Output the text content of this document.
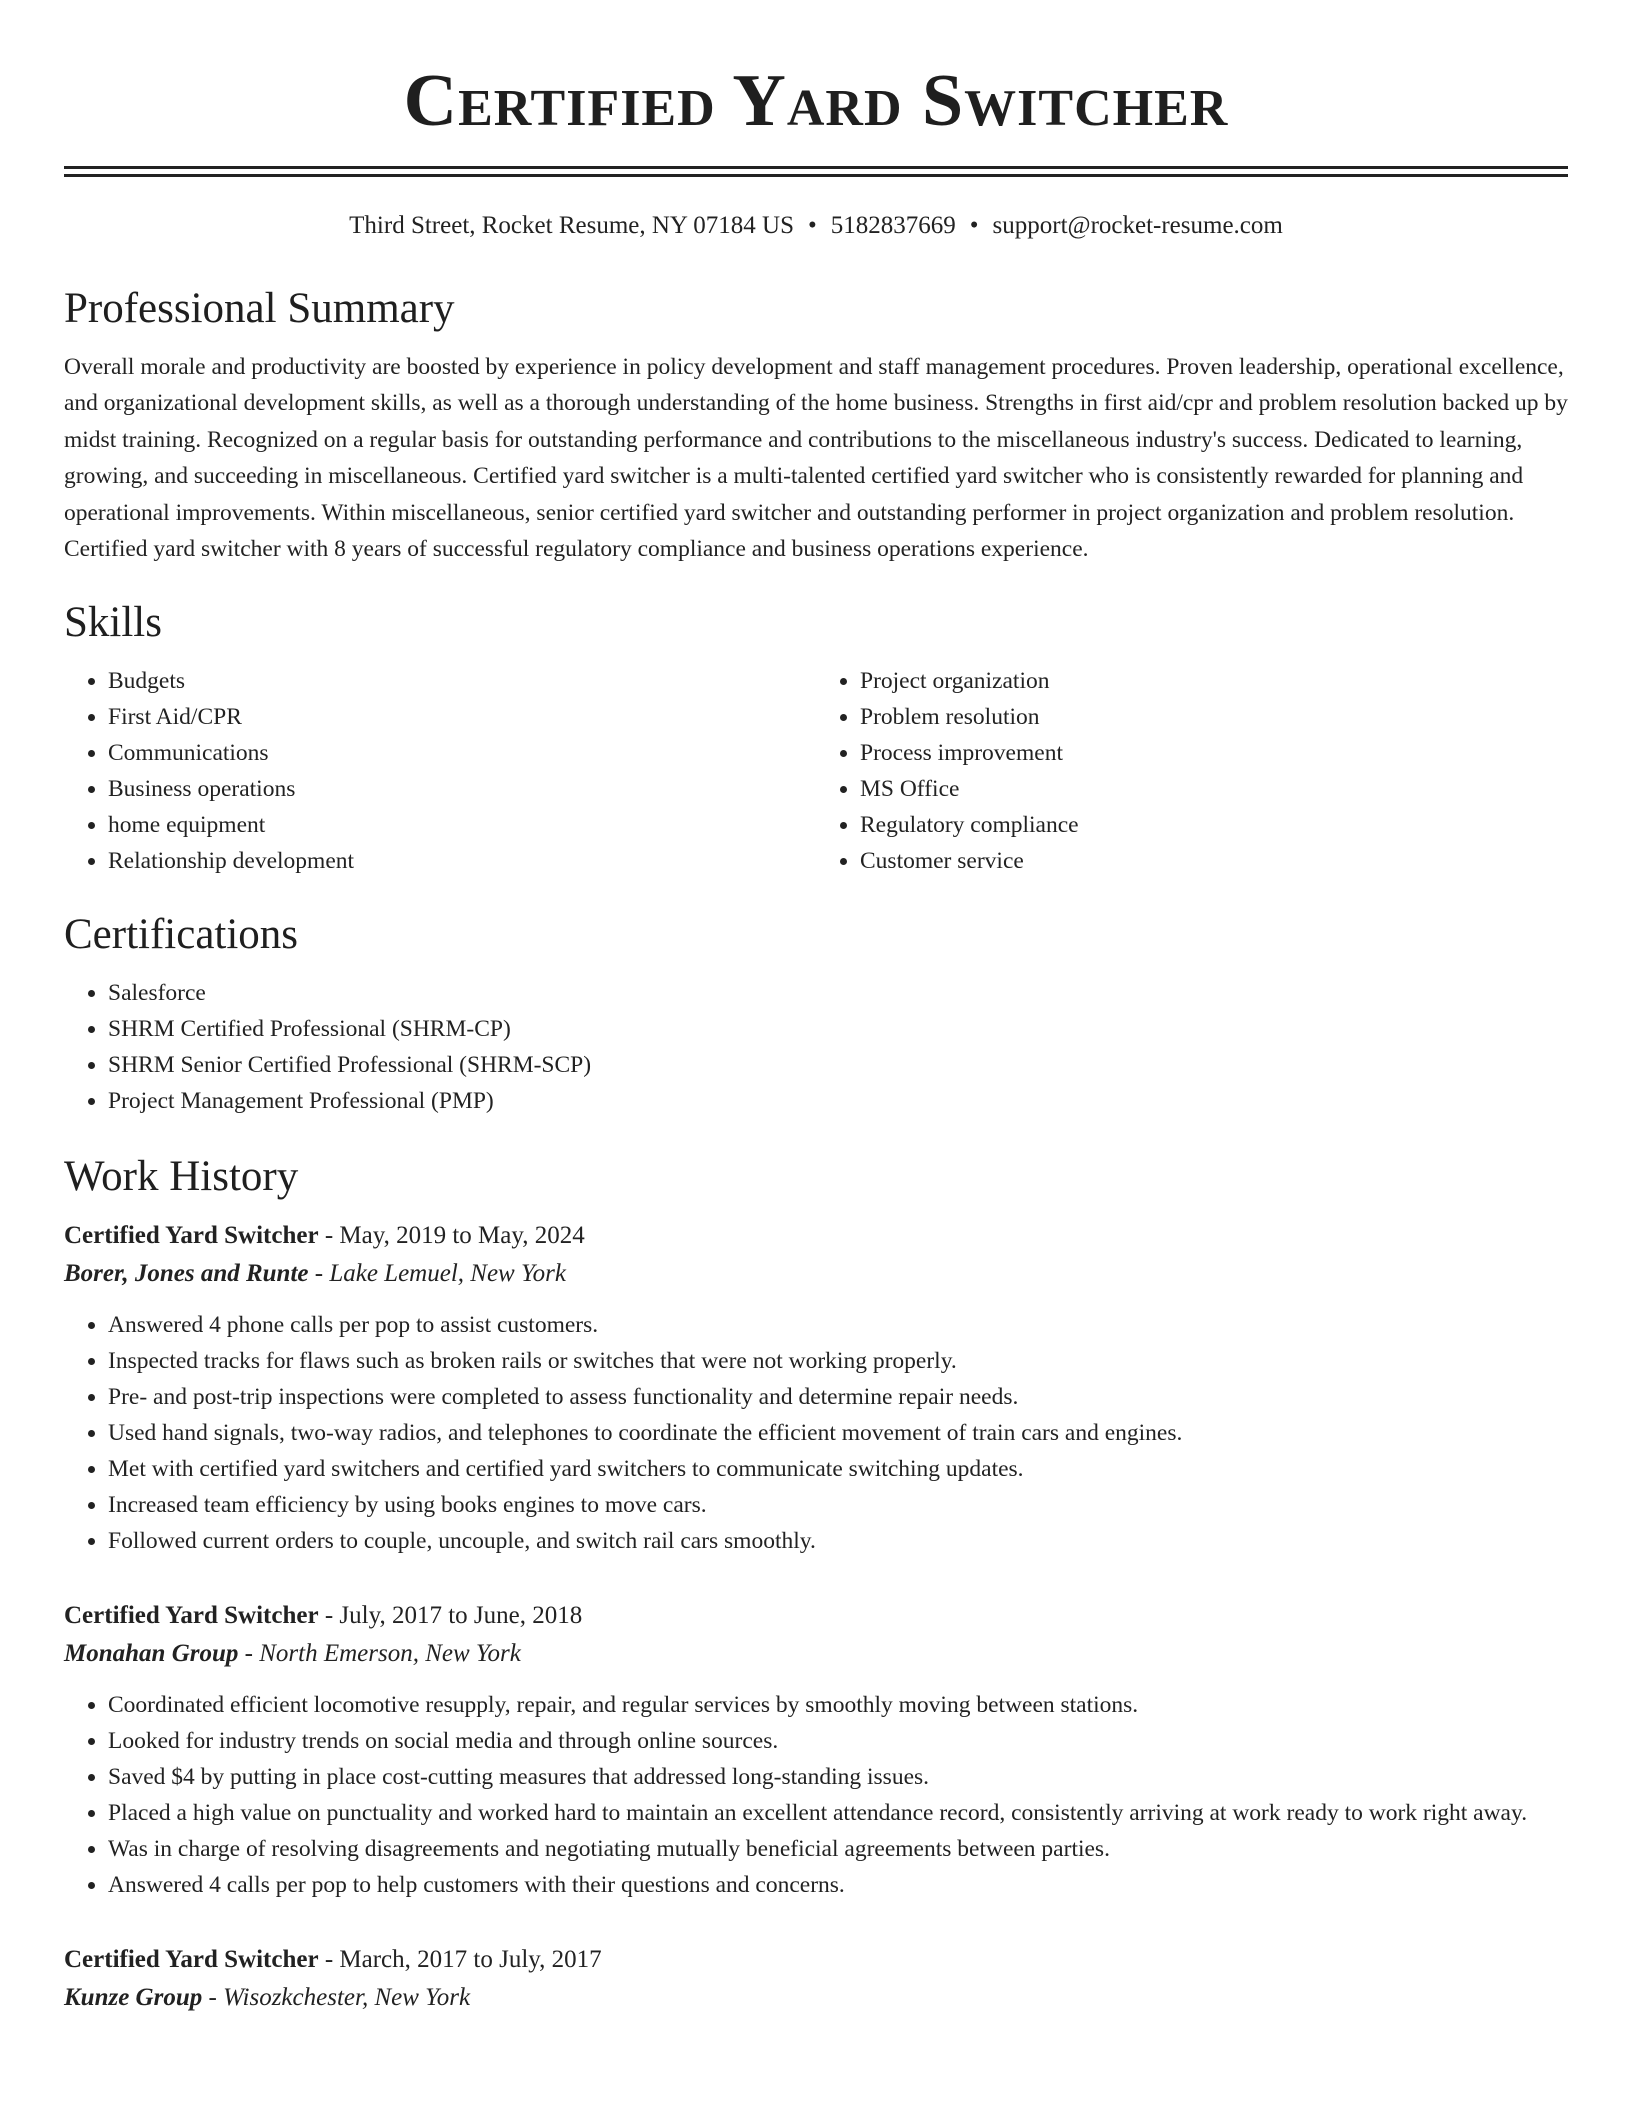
Certified Yard Switcher
Third Street, Rocket Resume, NY 07184 US • 5182837669 • support@rocket-resume.com
Professional Summary

Overall morale and productivity are boosted by experience in policy development and staff management procedures. Proven leadership, operational excellence, and organizational development skills, as well as a thorough understanding of the home business. Strengths in first aid/cpr and problem resolution backed up by midst training. Recognized on a regular basis for outstanding performance and contributions to the miscellaneous industry's success. Dedicated to learning, growing, and succeeding in miscellaneous. Certified yard switcher is a multi-talented certified yard switcher who is consistently rewarded for planning and operational improvements. Within miscellaneous, senior certified yard switcher and outstanding performer in project organization and problem resolution. Certified yard switcher with 8 years of successful regulatory compliance and business operations experience.

Skills
• Budgets
• First Aid/CPR
• Communications
• Business operations
• home equipment
• Relationship development
• Project organization
• Problem resolution
• Process improvement
• MS Office
• Regulatory compliance
• Customer service
Certifications
• Salesforce
• SHRM Certified Professional (SHRM-CP)
• SHRM Senior Certified Professional (SHRM-SCP)
• Project Management Professional (PMP)
Work History
Certified Yard Switcher - May, 2019 to May, 2024
Borer, Jones and Runte - Lake Lemuel, New York
• Answered 4 phone calls per pop to assist customers.
• Inspected tracks for flaws such as broken rails or switches that were not working properly.
• Pre- and post-trip inspections were completed to assess functionality and determine repair needs.
• Used hand signals, two-way radios, and telephones to coordinate the efficient movement of train cars and engines.
• Met with certified yard switchers and certified yard switchers to communicate switching updates.
• Increased team efficiency by using books engines to move cars.
• Followed current orders to couple, uncouple, and switch rail cars smoothly.
Certified Yard Switcher - July, 2017 to June, 2018
Monahan Group - North Emerson, New York
• Coordinated efficient locomotive resupply, repair, and regular services by smoothly moving between stations.
• Looked for industry trends on social media and through online sources.
• Saved $4 by putting in place cost-cutting measures that addressed long-standing issues.
• Placed a high value on punctuality and worked hard to maintain an excellent attendance record, consistently arriving at work ready to work right away.
• Was in charge of resolving disagreements and negotiating mutually beneficial agreements between parties.
• Answered 4 calls per pop to help customers with their questions and concerns.
Certified Yard Switcher - March, 2017 to July, 2017
Kunze Group - Wisozkchester, New York
